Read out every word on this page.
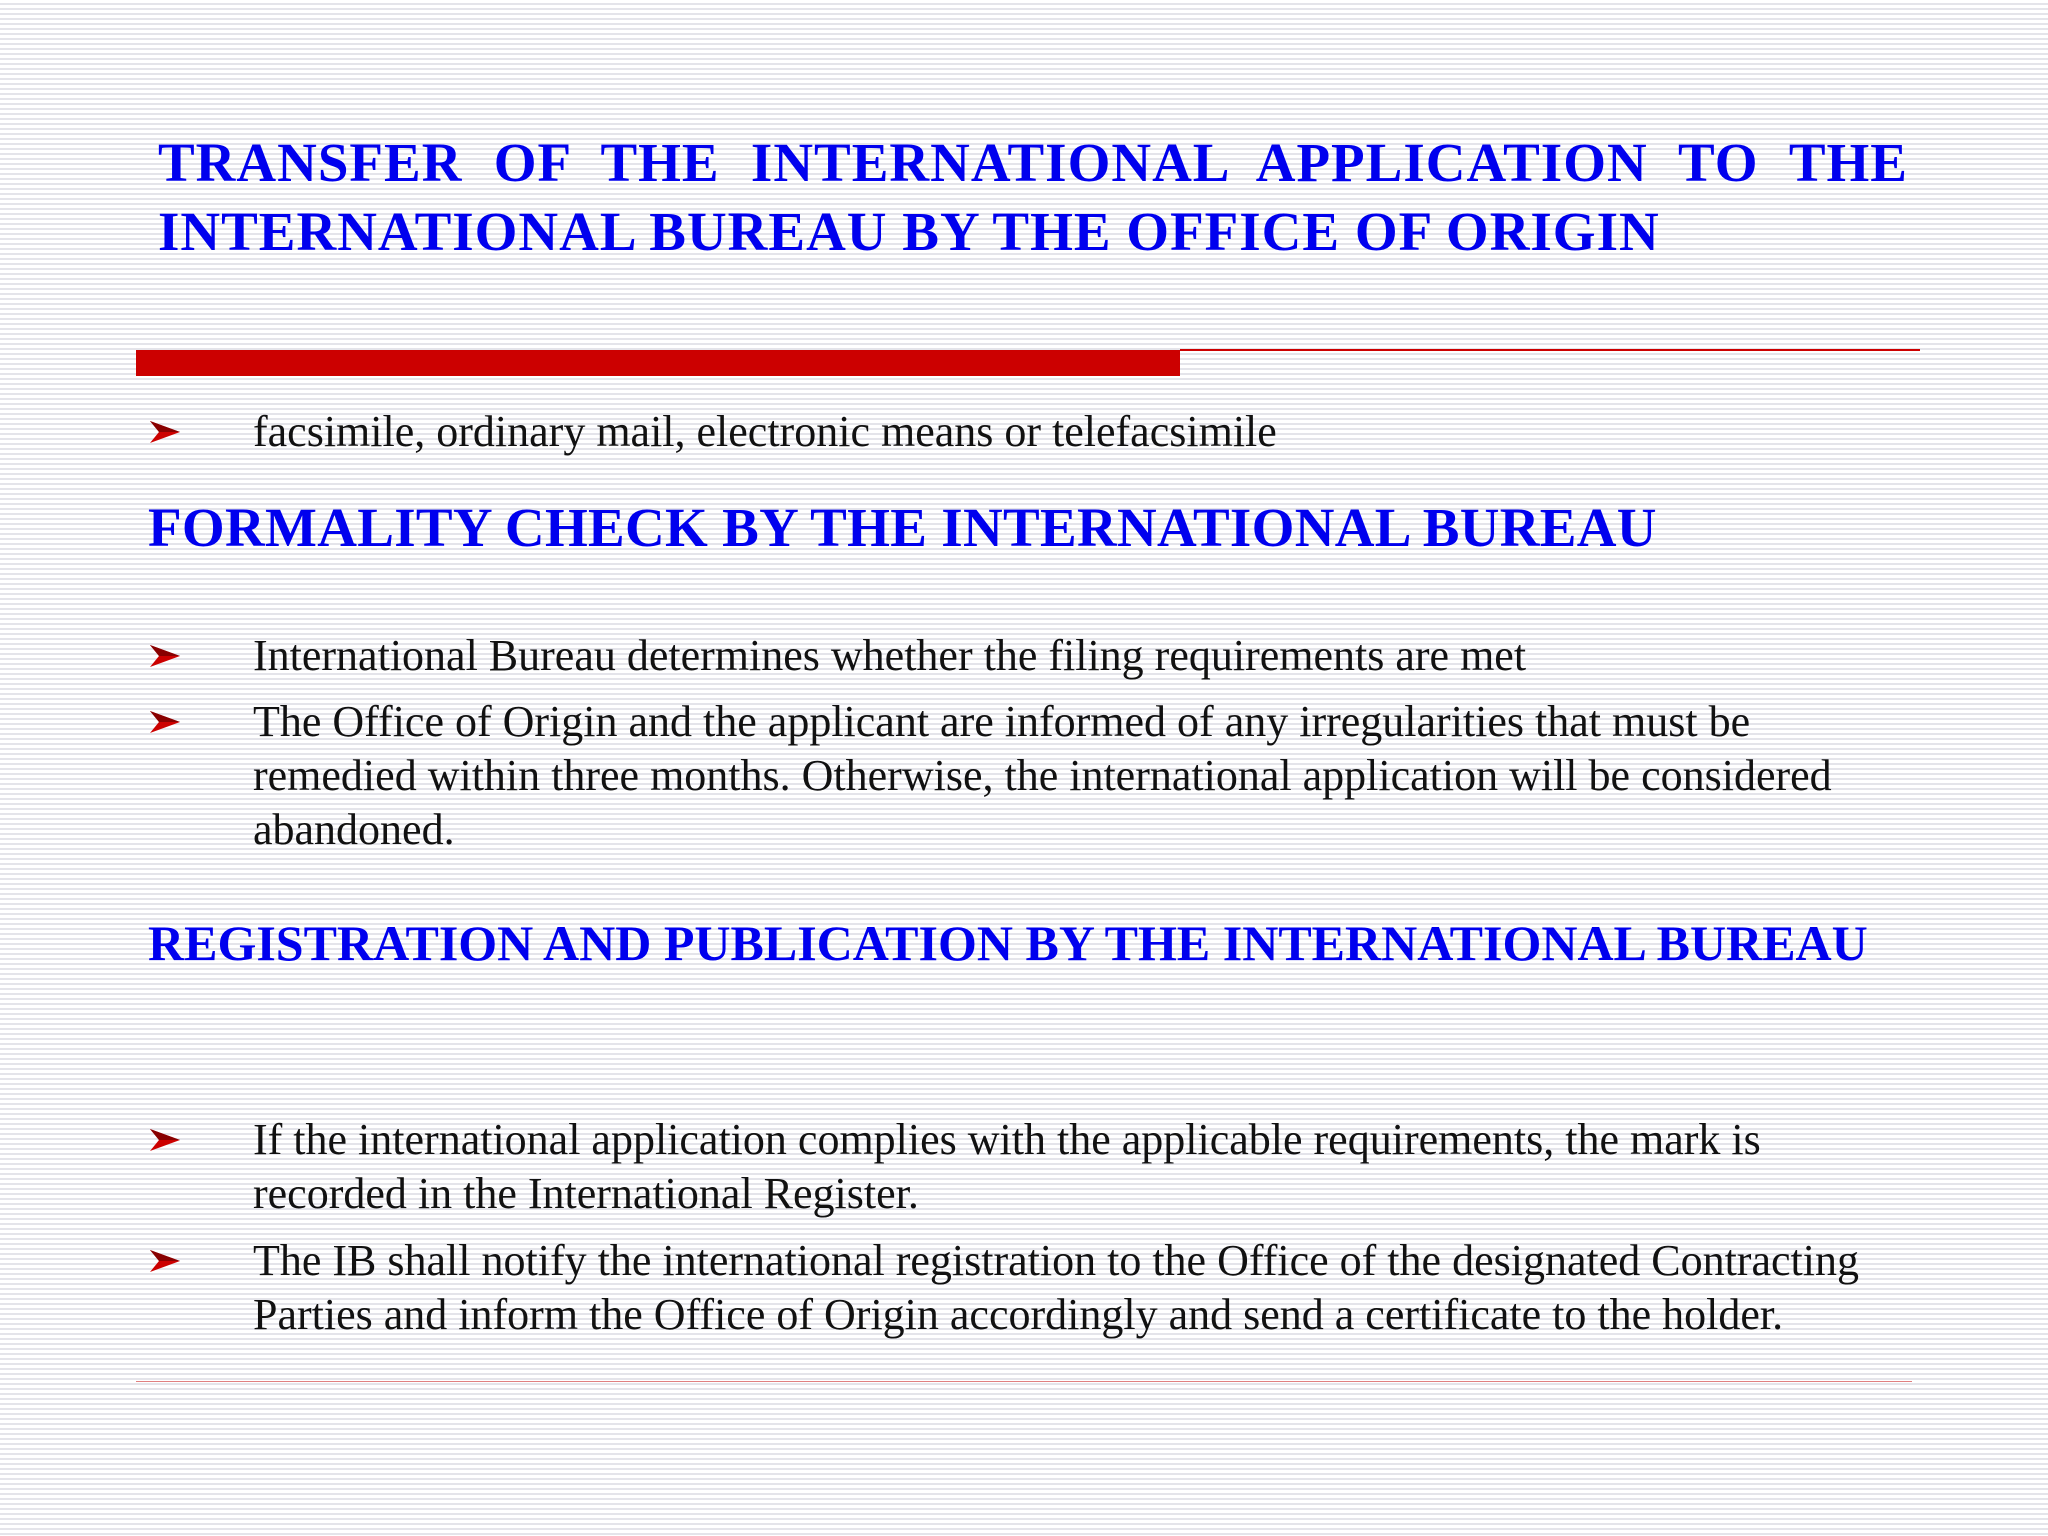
TRANSFER OF THE INTERNATIONAL APPLICATION TO THE INTERNATIONAL BUREAU BY THE OFFICE OF ORIGIN
facsimile, ordinary mail, electronic means or telefacsimile
FORMALITY CHECK BY THE INTERNATIONAL BUREAU
International Bureau determines whether the filing requirements are met
The Office of Origin and the applicant are informed of any irregularities that must be remedied within three months. Otherwise, the international application will be considered abandoned.
REGISTRATION AND PUBLICATION BY THE INTERNATIONAL BUREAU
If the international application complies with the applicable requirements, the mark is recorded in the International Register.
The IB shall notify the international registration to the Office of the designated Contracting Parties and inform the Office of Origin accordingly and send a certificate to the holder.
